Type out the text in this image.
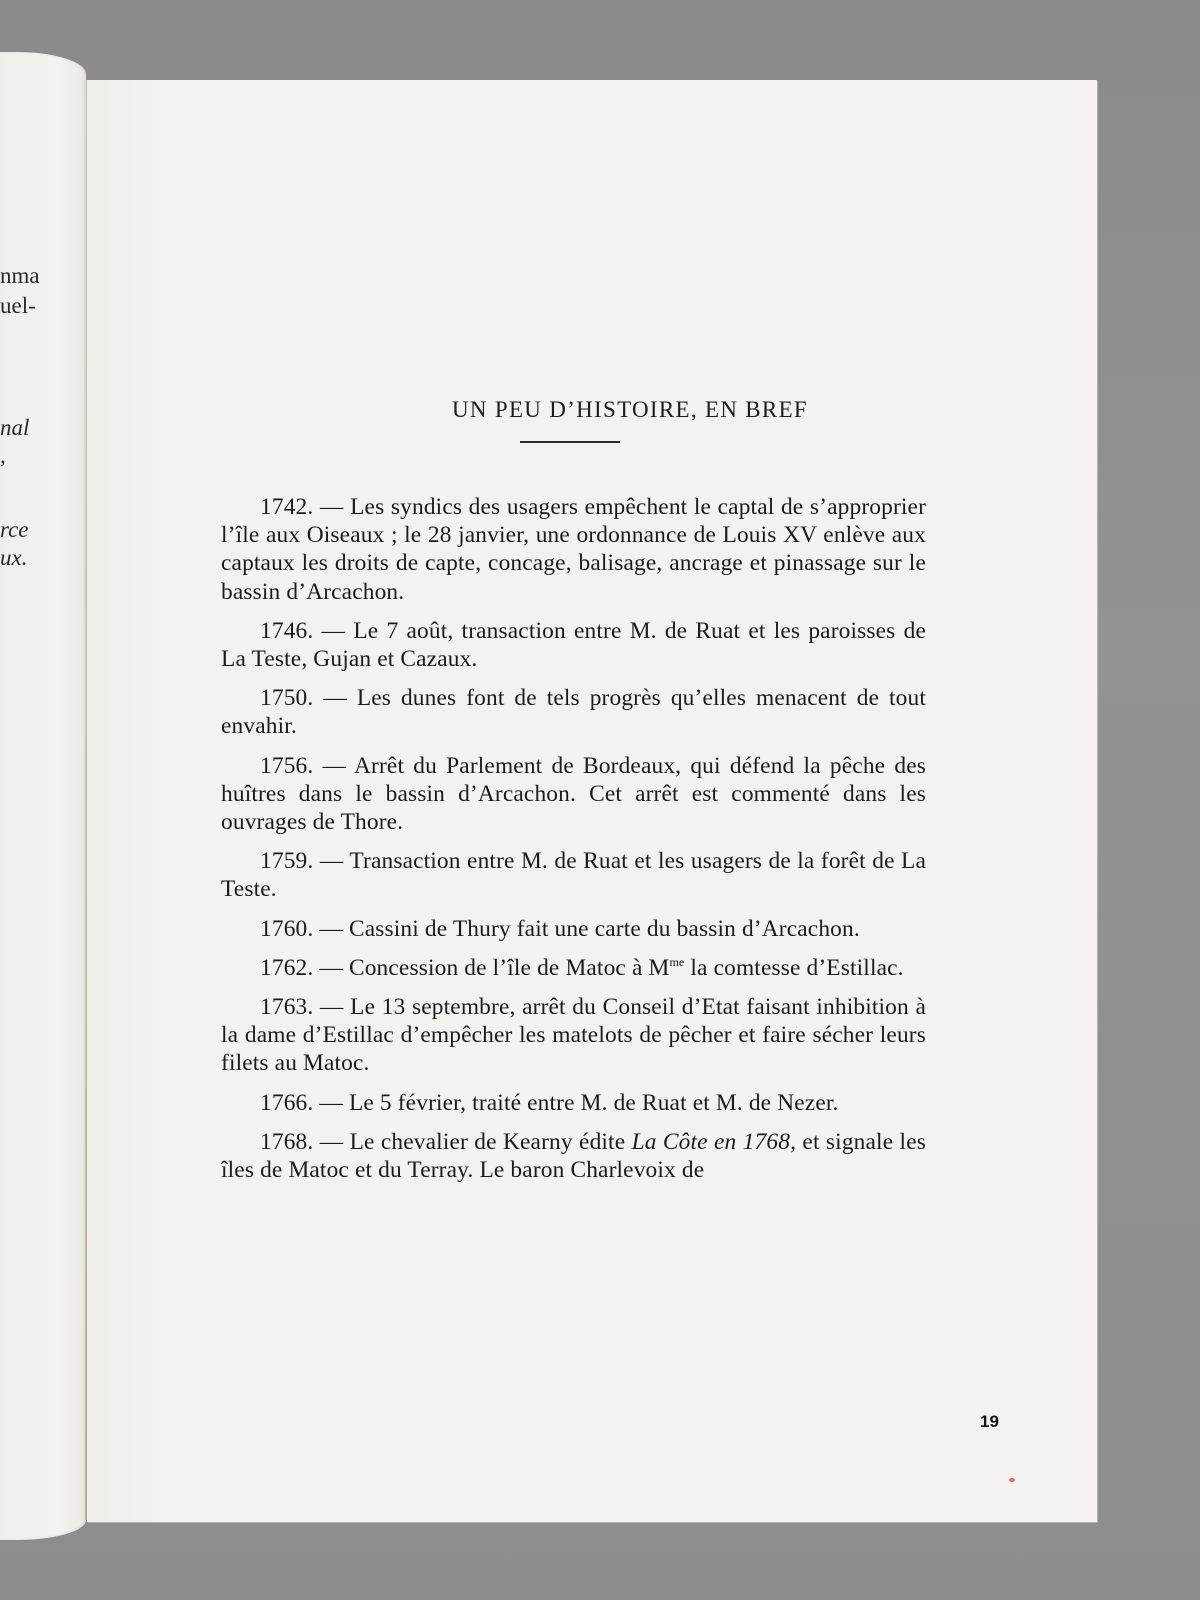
nma
uel-
nal
,
rce
ux.
UN PEU D’HISTOIRE, EN BREF

1742. — Les syndics des usagers empêchent le captal de s’approprier l’île aux Oiseaux ; le 28 janvier, une ordonnance de Louis XV enlève aux captaux les droits de capte, concage, balisage, ancrage et pinassage sur le bassin d’Arcachon.

1746. — Le 7 août, transaction entre M. de Ruat et les paroisses de La Teste, Gujan et Cazaux.

1750. — Les dunes font de tels progrès qu’elles menacent de tout envahir.

1756. — Arrêt du Parlement de Bordeaux, qui défend la pêche des huîtres dans le bassin d’Arcachon. Cet arrêt est commenté dans les ouvrages de Thore.

1759. — Transaction entre M. de Ruat et les usagers de la forêt de La Teste.

1760. — Cassini de Thury fait une carte du bassin d’Arcachon.

1762. — Concession de l’île de Matoc à $M^{me}$ la comtesse d’Estillac.

1763. — Le 13 septembre, arrêt du Conseil d’Etat faisant inhibition à la dame d’Estillac d’empêcher les matelots de pêcher et faire sécher leurs filets au Matoc.

1766. — Le 5 février, traité entre M. de Ruat et M. de Nezer.

1768. — Le chevalier de Kearny édite La Côte en 1768, et signale les îles de Matoc et du Terray. Le baron Charlevoix de

19
